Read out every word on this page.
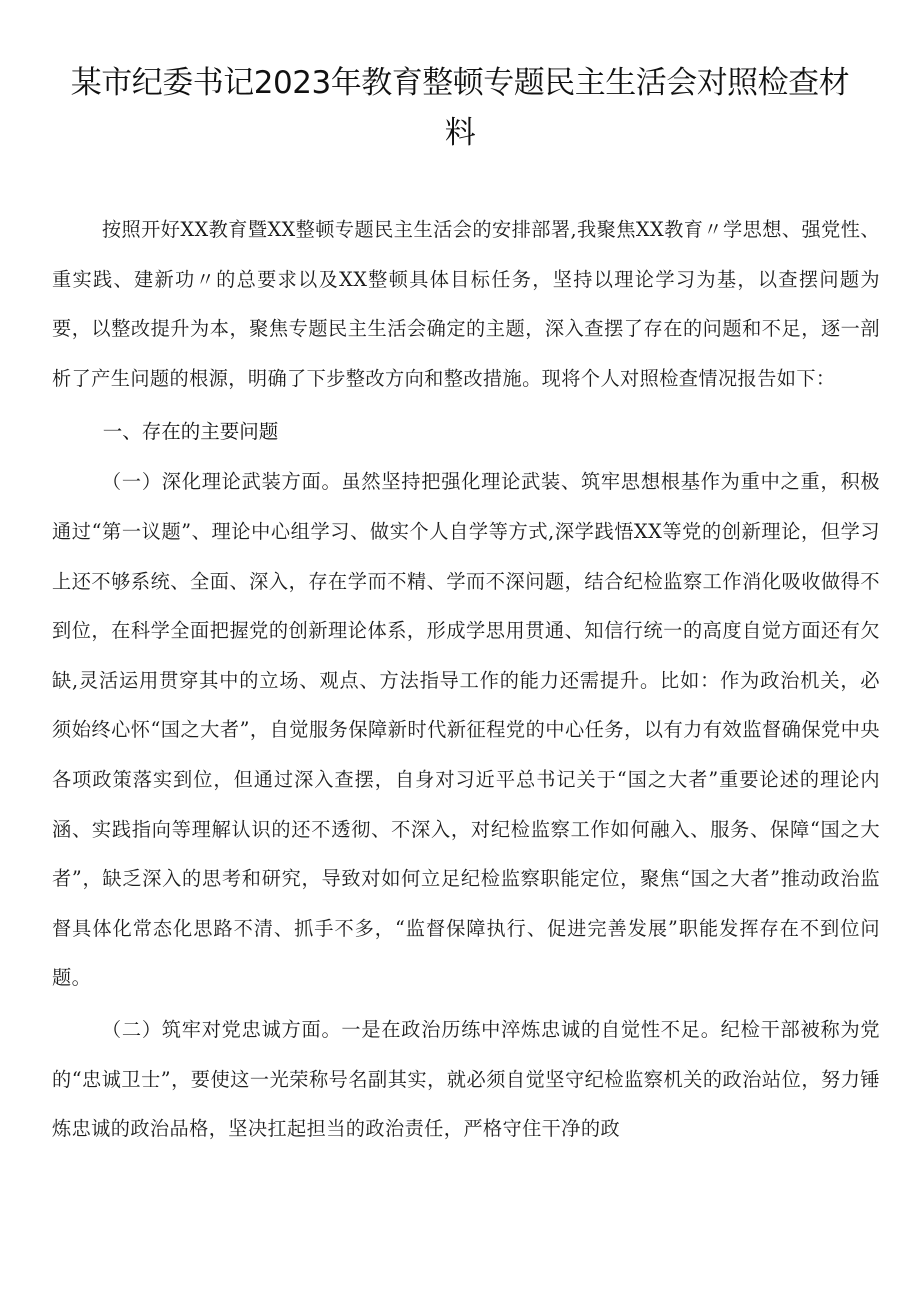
某市纪委书记2023年教育整顿专题民主生活会对照检查材料

按照开好XX教育暨XX整顿专题民主生活会的安排部署,我聚焦XX教育〃学思想、强党性、重实践、建新功〃的总要求以及XX整顿具体目标任务，坚持以理论学习为基，以查摆问题为要，以整改提升为本，聚焦专题民主生活会确定的主题，深入查摆了存在的问题和不足，逐一剖析了产生问题的根源，明确了下步整改方向和整改措施。现将个人对照检查情况报告如下：

一、存在的主要问题

（一）深化理论武装方面。虽然坚持把强化理论武装、筑牢思想根基作为重中之重，积极通过“第一议题”、理论中心组学习、做实个人自学等方式,深学践悟XX等党的创新理论，但学习上还不够系统、全面、深入，存在学而不精、学而不深问题，结合纪检监察工作消化吸收做得不到位，在科学全面把握党的创新理论体系，形成学思用贯通、知信行统一的高度自觉方面还有欠缺,灵活运用贯穿其中的立场、观点、方法指导工作的能力还需提升。比如：作为政治机关，必须始终心怀“国之大者”，自觉服务保障新时代新征程党的中心任务，以有力有效监督确保党中央各项政策落实到位，但通过深入查摆，自身对习近平总书记关于“国之大者”重要论述的理论内涵、实践指向等理解认识的还不透彻、不深入，对纪检监察工作如何融入、服务、保障“国之大者”，缺乏深入的思考和研究，导致对如何立足纪检监察职能定位，聚焦“国之大者”推动政治监督具体化常态化思路不清、抓手不多，“监督保障执行、促进完善发展”职能发挥存在不到位问题。

（二）筑牢对党忠诚方面。一是在政治历练中淬炼忠诚的自觉性不足。纪检干部被称为党的“忠诚卫士”，要使这一光荣称号名副其实，就必须自觉坚守纪检监察机关的政治站位，努力锤炼忠诚的政治品格，坚决扛起担当的政治责任，严格守住干净的政
